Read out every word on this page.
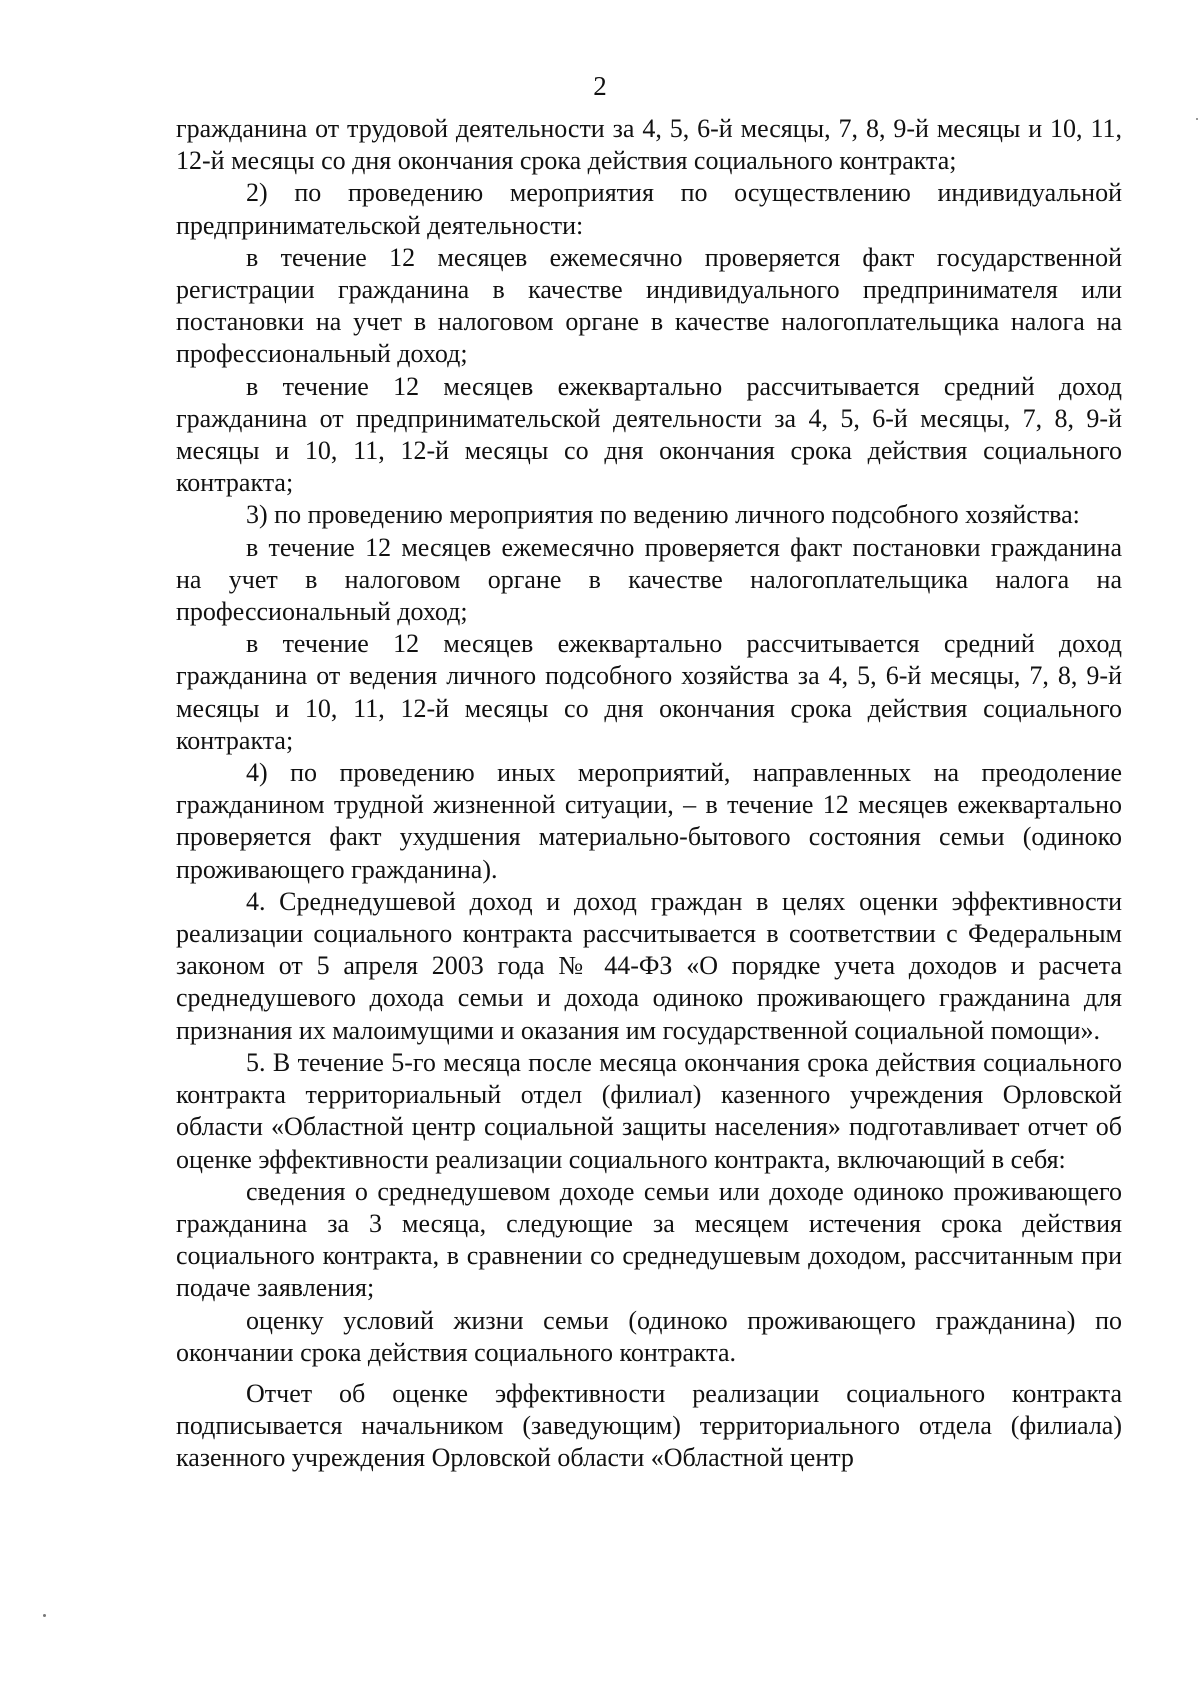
2

гражданина от трудовой деятельности за 4, 5, 6-й месяцы, 7, 8, 9-й месяцы и 10, 11, 12-й месяцы со дня окончания срока действия социального контракта;

2) по проведению мероприятия по осуществлению индивидуальной предпринимательской деятельности:

в течение 12 месяцев ежемесячно проверяется факт государственной регистрации гражданина в качестве индивидуального предпринимателя или постановки на учет в налоговом органе в качестве налогоплательщика налога на профессиональный доход;

в течение 12 месяцев ежеквартально рассчитывается средний доход гражданина от предпринимательской деятельности за 4, 5, 6-й месяцы, 7, 8, 9-й месяцы и 10, 11, 12-й месяцы со дня окончания срока действия социального контракта;

3) по проведению мероприятия по ведению личного подсобного хозяйства:

в течение 12 месяцев ежемесячно проверяется факт постановки гражданина на учет в налоговом органе в качестве налогоплательщика налога на профессиональный доход;

в течение 12 месяцев ежеквартально рассчитывается средний доход гражданина от ведения личного подсобного хозяйства за 4, 5, 6-й месяцы, 7, 8, 9-й месяцы и 10, 11, 12-й месяцы со дня окончания срока действия социального контракта;

4) по проведению иных мероприятий, направленных на преодоление гражданином трудной жизненной ситуации, – в течение 12 месяцев ежеквартально проверяется факт ухудшения материально-бытового состояния семьи (одиноко проживающего гражданина).

4. Среднедушевой доход и доход граждан в целях оценки эффективности реализации социального контракта рассчитывается в соответствии с Федеральным законом от 5 апреля 2003 года № 44-ФЗ «О порядке учета доходов и расчета среднедушевого дохода семьи и дохода одиноко проживающего гражданина для признания их малоимущими и оказания им государственной социальной помощи».

5. В течение 5-го месяца после месяца окончания срока действия социального контракта территориальный отдел (филиал) казенного учреждения Орловской области «Областной центр социальной защиты населения» подготавливает отчет об оценке эффективности реализации социального контракта, включающий в себя:

сведения о среднедушевом доходе семьи или доходе одиноко проживающего гражданина за 3 месяца, следующие за месяцем истечения срока действия социального контракта, в сравнении со среднедушевым доходом, рассчитанным при подаче заявления;

оценку условий жизни семьи (одиноко проживающего гражданина) по окончании срока действия социального контракта.

Отчет об оценке эффективности реализации социального контракта подписывается начальником (заведующим) территориального отдела (филиала) казенного учреждения Орловской области «Областной центр
